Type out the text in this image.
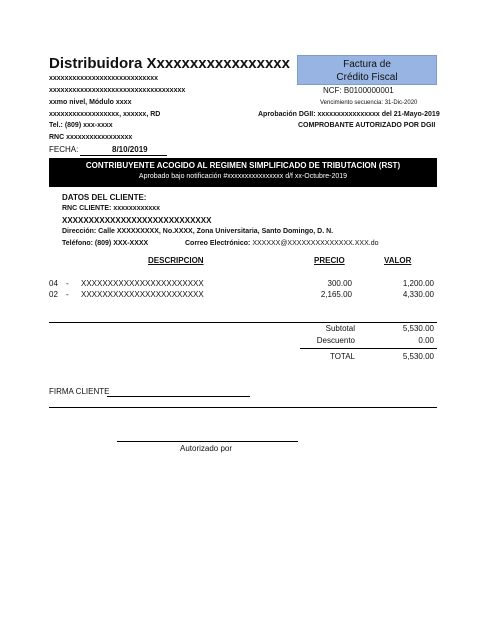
Distribuidora Xxxxxxxxxxxxxxxxx
xxxxxxxxxxxxxxxxxxxxxxxxxxxx
xxxxxxxxxxxxxxxxxxxxxxxxxxxxxxxxxxx
xxmo nivel, Módulo xxxx
xxxxxxxxxxxxxxxxxx, xxxxxx, RD
Tel.: (809) xxx-xxxx
RNC xxxxxxxxxxxxxxxxx
FECHA:	8/10/2019
Factura de
Crédito Fiscal
NCF: B0100000001
Vencimiento secuencia: 31-Dic-2020
Aprobación DGII: xxxxxxxxxxxxxxxx del 21-Mayo-2019
COMPROBANTE AUTORIZADO POR DGII
CONTRIBUYENTE ACOGIDO AL REGIMEN SIMPLIFICADO DE TRIBUTACION (RST)
Aprobado bajo notificación #xxxxxxxxxxxxxxxx d/f xx-Octubre-2019
DATOS DEL CLIENTE:
RNC CLIENTE: xxxxxxxxxxxx
XXXXXXXXXXXXXXXXXXXXXXXXXXXX
Dirección: Calle XXXXXXXXX, No.XXXX, Zona Universitaria, Santo Domingo, D. N.
Teléfono: (809) XXX-XXXX	Correo Electrónico: XXXXXX@XXXXXXXXXXXXXX.XXX.do
DESCRIPCION	PRECIO	VALOR
04 - XXXXXXXXXXXXXXXXXXXXXXX	300.00	1,200.00
02 - XXXXXXXXXXXXXXXXXXXXXXX	2,165.00	4,330.00
Subtotal	5,530.00
Descuento	0.00
TOTAL	5,530.00
FIRMA CLIENTE
Autorizado por
